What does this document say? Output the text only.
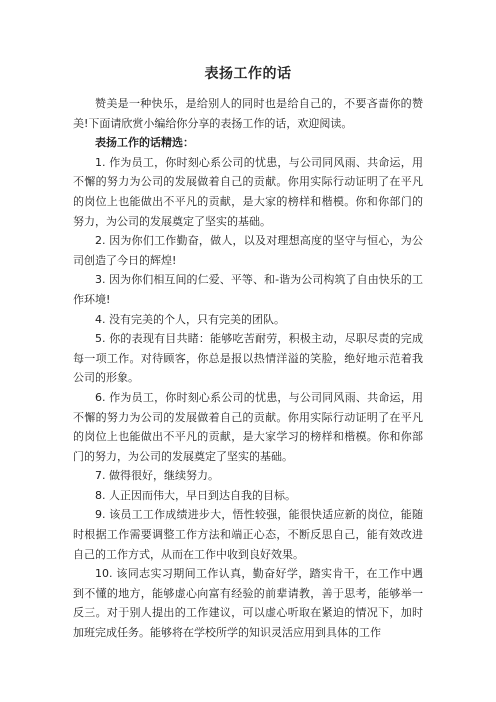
表扬工作的话

赞美是一种快乐，是给别人的同时也是给自己的，不要吝啬你的赞美!下面请欣赏小编给你分享的表扬工作的话，欢迎阅读。

表扬工作的话精选：

1. 作为员工，你时刻心系公司的忧患，与公司同风雨、共命运，用不懈的努力为公司的发展做着自己的贡献。你用实际行动证明了在平凡的岗位上也能做出不平凡的贡献，是大家的榜样和楷模。你和你部门的努力，为公司的发展奠定了坚实的基础。

2. 因为你们工作勤奋，做人，以及对理想高度的坚守与恒心，为公司创造了今日的辉煌!

3. 因为你们相互间的仁爱、平等、和-谐为公司构筑了自由快乐的工作环境!

4. 没有完美的个人，只有完美的团队。

5. 你的表现有目共睹：能够吃苦耐劳，积极主动，尽职尽责的完成每一项工作。对待顾客，你总是报以热情洋溢的笑脸，绝好地示范着我公司的形象。

6. 作为员工，你时刻心系公司的忧患，与公司同风雨、共命运，用不懈的努力为公司的发展做着自己的贡献。你用实际行动证明了在平凡的岗位上也能做出不平凡的贡献，是大家学习的榜样和楷模。你和你部门的努力，为公司的发展奠定了坚实的基础。

7. 做得很好，继续努力。

8. 人正因而伟大，早日到达自我的目标。

9. 该员工工作成绩进步大，悟性较强，能很快适应新的岗位，能随时根据工作需要调整工作方法和端正心态，不断反思自己，能有效改进自己的工作方式，从而在工作中收到良好效果。

10. 该同志实习期间工作认真，勤奋好学，踏实肯干，在工作中遇到不懂的地方，能够虚心向富有经验的前辈请教，善于思考，能够举一反三。对于别人提出的工作建议，可以虚心听取在紧迫的情况下，加时加班完成任务。能够将在学校所学的知识灵活应用到具体的工作
